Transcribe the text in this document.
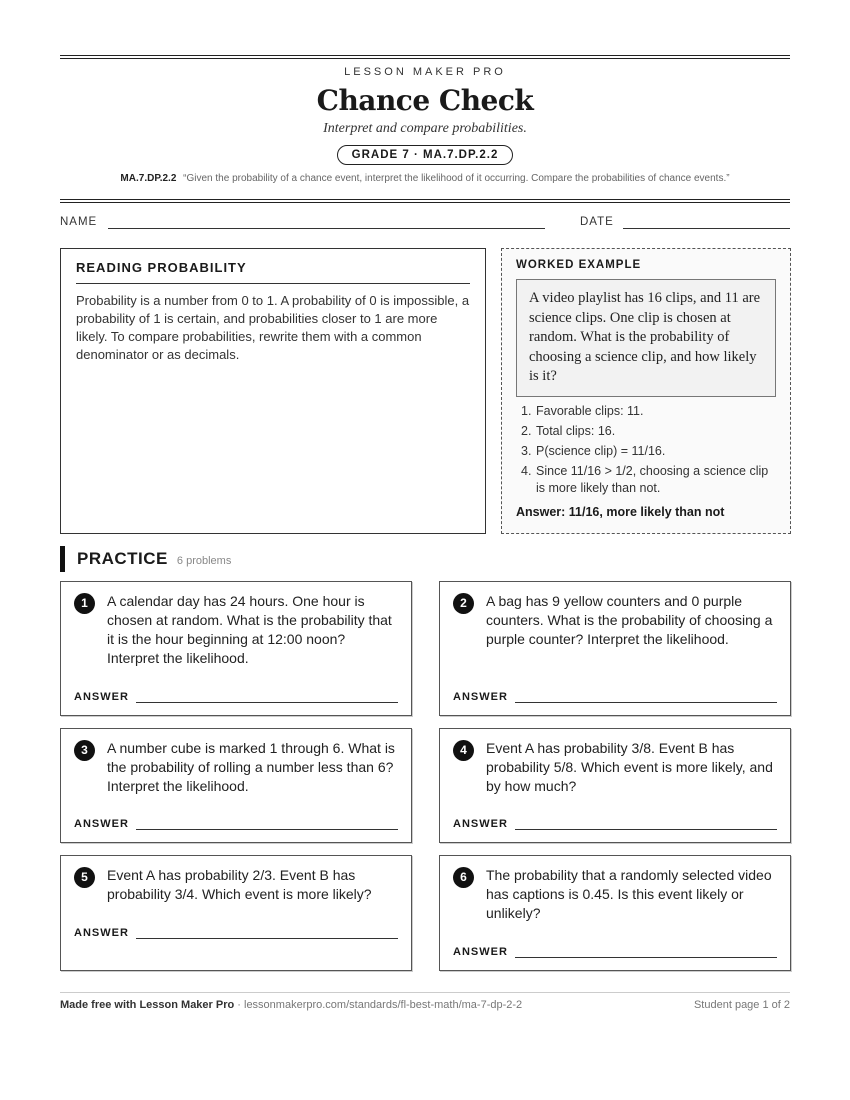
LESSON MAKER PRO
Chance Check
Interpret and compare probabilities.
GRADE 7 · MA.7.DP.2.2
MA.7.DP.2.2 “Given the probability of a chance event, interpret the likelihood of it occurring. Compare the probabilities of chance events.”
NAME	DATE
READING PROBABILITY

Probability is a number from 0 to 1. A probability of 0 is impossible, a probability of 1 is certain, and probabilities closer to 1 are more likely. To compare probabilities, rewrite them with a common denominator or as decimals.

WORKED EXAMPLE
A video playlist has 16 clips, and 11 are science clips. One clip is chosen at random. What is the probability of choosing a science clip, and how likely is it?
1. Favorable clips: 11.
2. Total clips: 16.
3. P(science clip) = 11/16.
4. Since 11/16 > 1/2, choosing a science clip is more likely than not.
Answer: 11/16, more likely than not
PRACTICE 6 problems
1	A calendar day has 24 hours. One hour is chosen at random. What is the probability that it is the hour beginning at 12:00 noon? Interpret the likelihood.
ANSWER
2	A bag has 9 yellow counters and 0 purple counters. What is the probability of choosing a purple counter? Interpret the likelihood.
ANSWER
3	A number cube is marked 1 through 6. What is the probability of rolling a number less than 6? Interpret the likelihood.
ANSWER
4	Event A has probability 3/8. Event B has probability 5/8. Which event is more likely, and by how much?
ANSWER
5	Event A has probability 2/3. Event B has probability 3/4. Which event is more likely?
ANSWER
6	The probability that a randomly selected video has captions is 0.45. Is this event likely or unlikely?
ANSWER
Made free with Lesson Maker Pro · lessonmakerpro.com/standards/fl-best-math/ma-7-dp-2-2	Student page 1 of 2
